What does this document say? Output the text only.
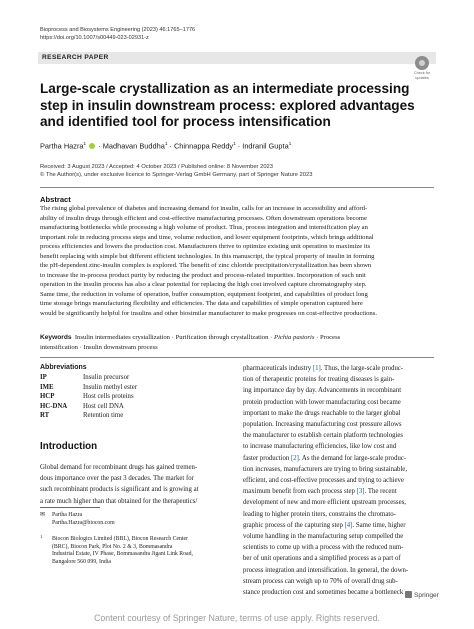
Bioprocess and Biosystems Engineering (2023) 46:1765–1776
https://doi.org/10.1007/s00449-023-02931-z
RESEARCH PAPER
Check for
updates
Large-scale crystallization as an intermediate processing step in insulin downstream process: explored advantages and identified tool for process intensification
Partha Hazra$^1$  · Madhavan Buddha$^1$ · Chinnappa Reddy$^1$ · Indranil Gupta$^1$
Received: 3 August 2023 / Accepted: 4 October 2023 / Published online: 8 November 2023
© The Author(s), under exclusive licence to Springer-Verlag GmbH Germany, part of Springer Nature 2023
Abstract
The rising global prevalence of diabetes and increasing demand for insulin, calls for an increase in accessibility and afford-
ability of insulin drugs through efficient and cost-effective manufacturing processes. Often downstream operations become
manufacturing bottlenecks while processing a high volume of product. Thus, process integration and intensification play an
important role in reducing process steps and time, volume reduction, and lower equipment footprints, which brings additional
process efficiencies and lowers the production cost. Manufacturers thrive to optimize existing unit operation to maximize its
benefit replacing with simple but different efficient technologies. In this manuscript, the typical property of insulin in forming
the pH-dependent zinc-insulin complex is explored. The benefit of zinc chloride precipitation/crystallization has been shown
to increase the in-process product purity by reducing the product and process-related impurities. Incorporation of such unit
operation in the insulin process has also a clear potential for replacing the high cost involved capture chromatography step.
Same time, the reduction in volume of operation, buffer consumption, equipment footprint, and capabilities of product long
time storage brings manufacturing flexibility and efficiencies. The data and capabilities of simple operation captured here
would be significantly helpful for insulins and other biosimilar manufacturer to make progresses on cost-effective productions.
Keywords Insulin intermediates crystallization · Purification through crystallization · Pichia pastoris · Process
intensification · Insulin downstream process
Abbreviations
IP	Insulin precursor
IME	Insulin methyl ester
HCP	Host cells proteins
HC-DNA Host cell DNA
RT	Retention time
Introduction
Global demand for recombinant drugs has gained tremen-
dous importance over the past 3 decades. The market for
such recombinant products is significant and is growing at
a rate much higher than that obtained for the therapeutics/
pharmaceuticals industry [1]. Thus, the large-scale produc-
tion of therapeutic proteins for treating diseases is gain-
ing importance day by day. Advancements in recombinant
protein production with lower manufacturing cost became
important to make the drugs reachable to the larger global
population. Increasing manufacturing cost pressure allows
the manufacturer to establish certain platform technologies
to increase manufacturing efficiencies, like low cost and
faster production [2]. As the demand for large-scale produc-
tion increases, manufacturers are trying to bring sustainable,
efficient, and cost-effective processes and trying to achieve
maximum benefit from each process step [3]. The recent
development of new and more efficient upstream processes,
leading to higher protein titers, constrains the chromato-
graphic process of the capturing step [4]. Same time, higher
volume handling in the manufacturing setup compelled the
scientists to come up with a process with the reduced num-
ber of unit operations and a simplified process as a part of
process integration and intensification. In general, the down-
stream process can weigh up to 70% of overall drug sub-
stance production cost and sometimes became a bottleneck
✉ Partha Hazra
Partha.Hazra@biocon.com
1 Biocon Biologics Limited (BBL), Biocon Research Center
(BRC), Biocon Park, Plot No. 2 & 3, Bommasandra
Industrial Estate, IV Phase, Bommasandra Jigani Link Road,
Bangalore 560 099, India
Springer
Content courtesy of Springer Nature, terms of use apply. Rights reserved.
